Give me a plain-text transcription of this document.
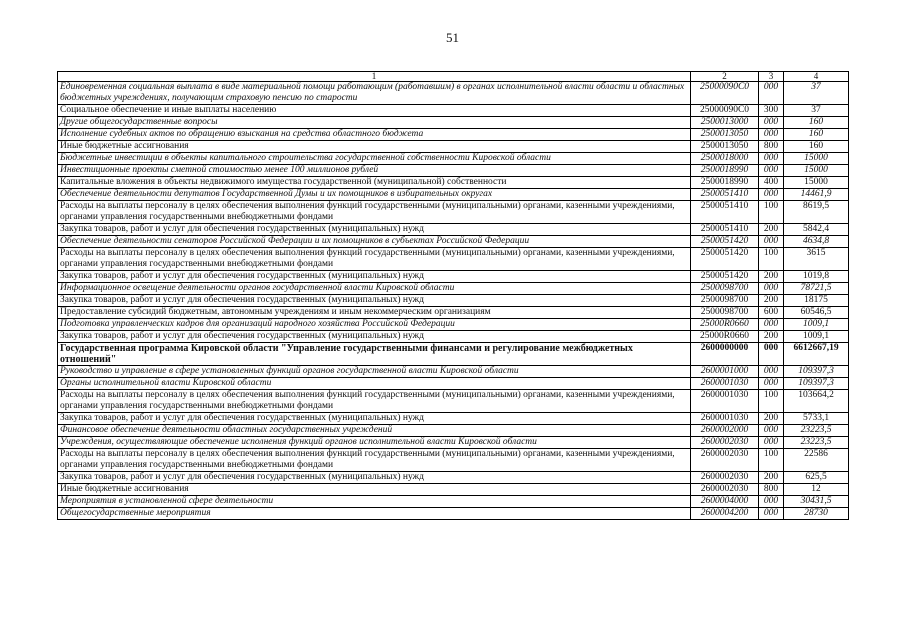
51
1	2	3	4
Единовременная социальная выплата в виде материальной помощи работающим (работавшим) в органах исполнительной власти области и областных бюджетных учреждениях, получающим страховую пенсию по старости	25000090С0	000	37
Социальное обеспечение и иные выплаты населению	25000090С0	300	37
Другие общегосударственные вопросы	2500013000	000	160
Исполнение судебных актов по обращению взыскания на средства областного бюджета	2500013050	000	160
Иные бюджетные ассигнования	2500013050	800	160
Бюджетные инвестиции в объекты капитального строительства государственной собственности Кировской области	2500018000	000	15000
Инвестиционные проекты сметной стоимостью менее 100 миллионов рублей	2500018990	000	15000
Капитальные вложения в объекты недвижимого имущества государственной (муниципальной) собственности	2500018990	400	15000
Обеспечение деятельности депутатов Государственной Думы и их помощников в избирательных округах	2500051410	000	14461,9
Расходы на выплаты персоналу в целях обеспечения выполнения функций государственными (муниципальными) органами, казенными учреждениями, органами управления государственными внебюджетными фондами	2500051410	100	8619,5
Закупка товаров, работ и услуг для обеспечения государственных (муниципальных) нужд	2500051410	200	5842,4
Обеспечение деятельности сенаторов Российской Федерации и их помощников в субъектах Российской Федерации	2500051420	000	4634,8
Расходы на выплаты персоналу в целях обеспечения выполнения функций государственными (муниципальными) органами, казенными учреждениями, органами управления государственными внебюджетными фондами	2500051420	100	3615
Закупка товаров, работ и услуг для обеспечения государственных (муниципальных) нужд	2500051420	200	1019,8
Информационное освещение деятельности органов государственной власти Кировской области	2500098700	000	78721,5
Закупка товаров, работ и услуг для обеспечения государственных (муниципальных) нужд	2500098700	200	18175
Предоставление субсидий бюджетным, автономным учреждениям и иным некоммерческим организациям	2500098700	600	60546,5
Подготовка управленческих кадров для организаций народного хозяйства Российской Федерации	25000R0660	000	1009,1
Закупка товаров, работ и услуг для обеспечения государственных (муниципальных) нужд	25000R0660	200	1009,1
Государственная программа Кировской области "Управление государственными финансами и регулирование межбюджетных отношений"	2600000000	000	6612667,19
Руководство и управление в сфере установленных функций органов государственной власти Кировской области	2600001000	000	109397,3
Органы исполнительной власти Кировской области	2600001030	000	109397,3
Расходы на выплаты персоналу в целях обеспечения выполнения функций государственными (муниципальными) органами, казенными учреждениями, органами управления государственными внебюджетными фондами	2600001030	100	103664,2
Закупка товаров, работ и услуг для обеспечения государственных (муниципальных) нужд	2600001030	200	5733,1
Финансовое обеспечение деятельности областных государственных учреждений	2600002000	000	23223,5
Учреждения, осуществляющие обеспечение исполнения функций органов исполнительной власти Кировской области	2600002030	000	23223,5
Расходы на выплаты персоналу в целях обеспечения выполнения функций государственными (муниципальными) органами, казенными учреждениями, органами управления государственными внебюджетными фондами	2600002030	100	22586
Закупка товаров, работ и услуг для обеспечения государственных (муниципальных) нужд	2600002030	200	625,5
Иные бюджетные ассигнования	2600002030	800	12
Мероприятия в установленной сфере деятельности	2600004000	000	30431,5
Общегосударственные мероприятия	2600004200	000	28730
